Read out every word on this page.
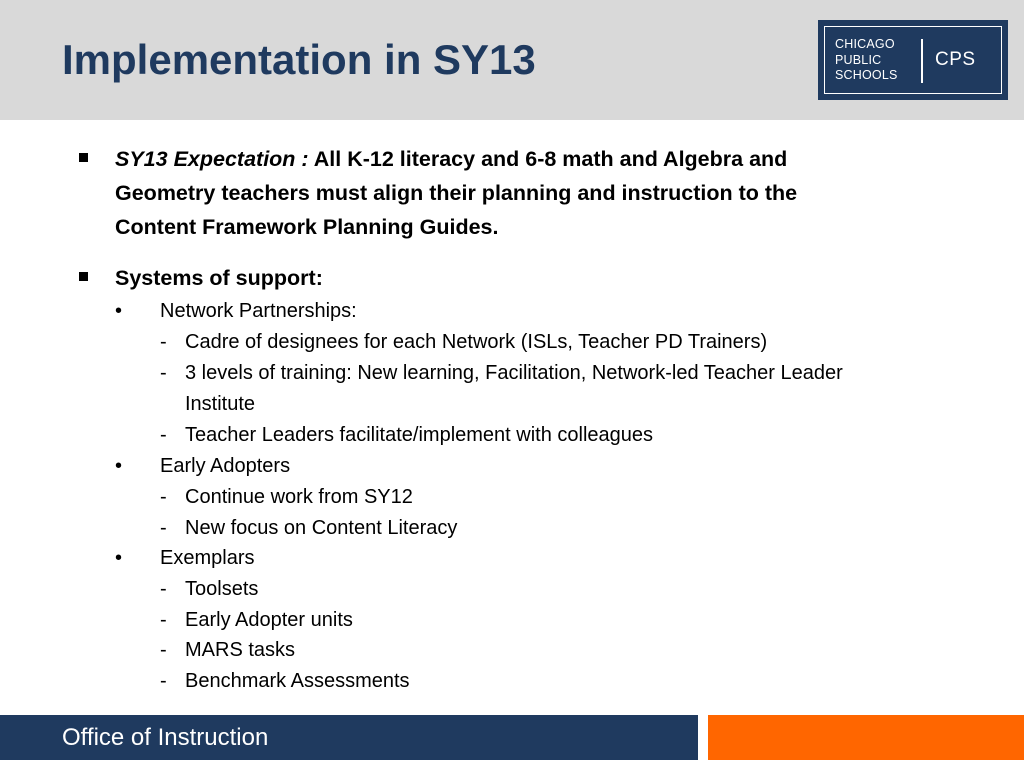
Implementation in SY13	CHICAGO
PUBLIC
SCHOOLS
CPS
SY13 Expectation : All K-12 literacy and 6-8 math and Algebra and
Geometry teachers must align their planning and instruction to the
Content Framework Planning Guides.
Systems of support:
• Network Partnerships:
- Cadre of designees for each Network (ISLs, Teacher PD Trainers)
- 3 levels of training: New learning, Facilitation, Network-led Teacher Leader
Institute
- Teacher Leaders facilitate/implement with colleagues
• Early Adopters
- Continue work from SY12
- New focus on Content Literacy
• Exemplars
- Toolsets
- Early Adopter units
- MARS tasks
- Benchmark Assessments
Office of Instruction
